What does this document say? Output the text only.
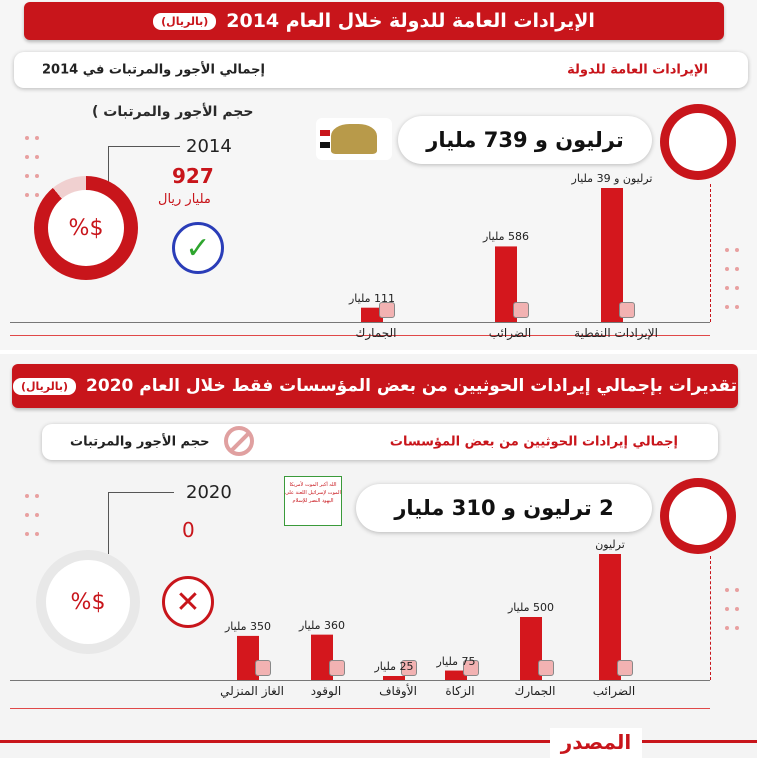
الإيرادات العامة للدولة خلال العام 2014
(بالريال)
الإيرادات العامة للدولة
إجمالي الأجور والمرتبات في 2014
حجم الأجور والمرتبات )
2014
927
مليار ريال
%$
✓
ترليون و 739 مليار
ترليون و 39 مليار
الإيرادات النفطية
586 مليار
الضرائب
111 مليار
الجمارك
تقديرات بإجمالي إيرادات الحوثيين من بعض المؤسسات فقط خلال العام 2020
(بالريال)
إجمالي إيرادات الحوثيين من بعض المؤسسات
حجم الأجور والمرتبات
2020
0
%$	✕
الله أكبر الموت لأمريكا الموت لإسرائيل اللعنة على اليهود النصر للإسلام	2 ترليون و 310 مليار
ترليون
الضرائب
500 مليار
الجمارك
75 مليار
الزكاة
25 مليار
الأوقاف
360 مليار
الوقود
350 مليار
الغاز المنزلي
المصدر
